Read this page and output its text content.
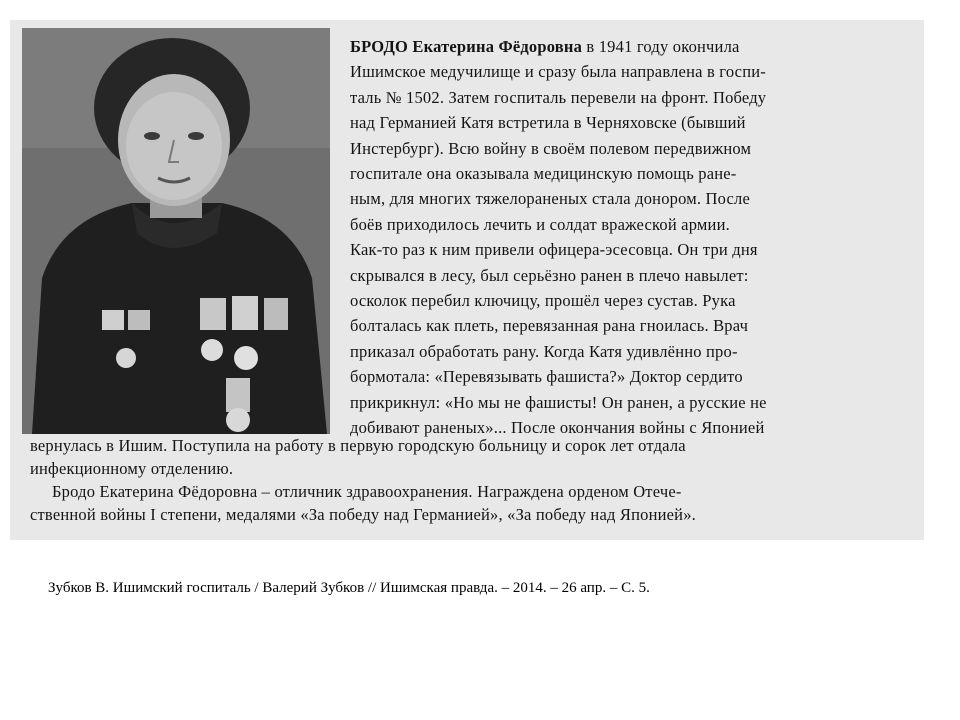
БРОДО Екатерина Фёдоровна в 1941 году окончила
Ишимское медучилище и сразу была направлена в госпи-
таль № 1502. Затем госпиталь перевели на фронт. Победу
над Германией Катя встретила в Черняховске (бывший
Инстербург). Всю войну в своём полевом передвижном
госпитале она оказывала медицинскую помощь ране-
ным, для многих тяжелораненых стала донором. После
боёв приходилось лечить и солдат вражеской армии.
Как-то раз к ним привели офицера-эсесовца. Он три дня
скрывался в лесу, был серьёзно ранен в плечо навылет:
осколок перебил ключицу, прошёл через сустав. Рука
болталась как плеть, перевязанная рана гноилась. Врач
приказал обработать рану. Когда Катя удивлённо про-
бормотала: «Перевязывать фашиста?» Доктор сердито
прикрикнул: «Но мы не фашисты! Он ранен, а русские не
добивают раненых»... После окончания войны с Японией
вернулась в Ишим. Поступила на работу в первую городскую больницу и сорок лет отдала
инфекционному отделению.
Бродо Екатерина Фёдоровна – отличник здравоохранения. Награждена орденом Отече-
ственной войны I степени, медалями «За победу над Германией», «За победу над Японией».
Зубков В. Ишимский госпиталь / Валерий Зубков // Ишимская правда. – 2014. – 26 апр. – С. 5.
